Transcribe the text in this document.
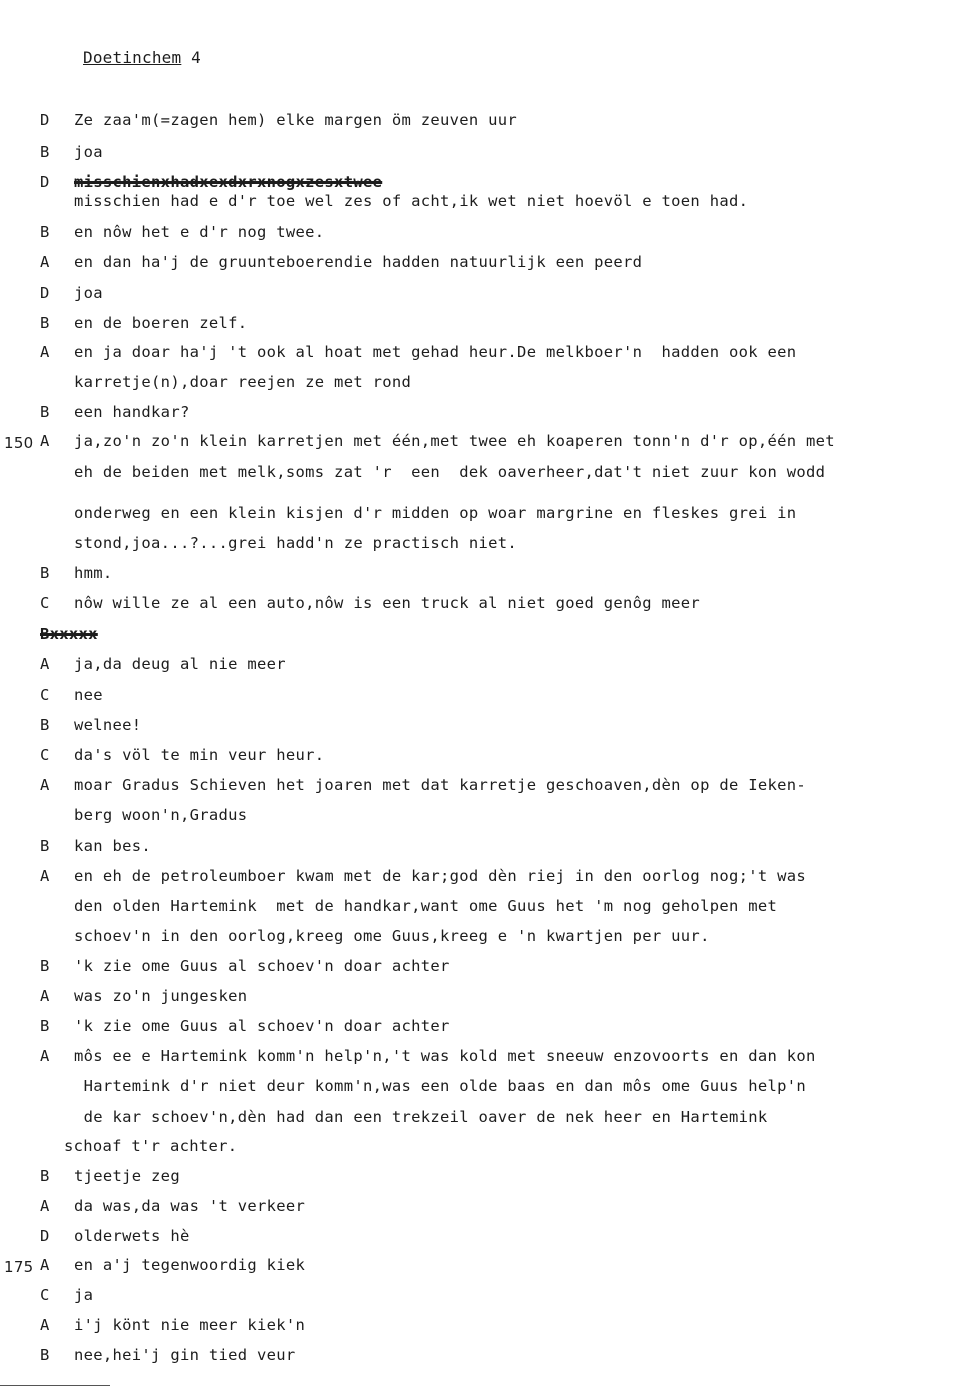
Doetinchem 4
D Ze zaa'm(=zagen hem) elke margen öm zeuven uur
B joa
D misschienxhadxexdxrxnogxzesxtwee
misschien had e d'r toe wel zes of acht,ik wet niet hoevöl e toen had.
B en nôw het e d'r nog twee.
A en dan ha'j de gruunteboerendie hadden natuurlijk een peerd
D joa
B en de boeren zelf.
A en ja doar ha'j 't ook al hoat met gehad heur.De melkboer'n  hadden ook een
karretje(n),doar reejen ze met rond
B een handkar?
150 A ja,zo'n zo'n klein karretjen met één,met twee eh koaperen tonn'n d'r op,één met
eh de beiden met melk,soms zat 'r  een  dek oaverheer,dat't niet zuur kon wodd
onderweg en een klein kisjen d'r midden op woar margrine en fleskes grei in
stond,joa...?...grei hadd'n ze practisch niet.
B hmm.
C nôw wille ze al een auto,nôw is een truck al niet goed genôg meer
Bxxxxx
A ja,da deug al nie meer
C nee
B welnee!
C da's völ te min veur heur.
A moar Gradus Schieven het joaren met dat karretje geschoaven,dèn op de Ieken-
berg woon'n,Gradus
B kan bes.
A en eh de petroleumboer kwam met de kar;god dèn riej in den oorlog nog;'t was
den olden Hartemink  met de handkar,want ome Guus het 'm nog geholpen met
schoev'n in den oorlog,kreeg ome Guus,kreeg e 'n kwartjen per uur.
B 'k zie ome Guus al schoev'n doar achter
A was zo'n jungesken
B 'k zie ome Guus al schoev'n doar achter
A môs ee e Hartemink komm'n help'n,'t was kold met sneeuw enzovoorts en dan kon
Hartemink d'r niet deur komm'n,was een olde baas en dan môs ome Guus help'n
de kar schoev'n,dèn had dan een trekzeil oaver de nek heer en Hartemink
schoaf t'r achter.
B tjeetje zeg
A da was,da was 't verkeer
D olderwets hè
175 A en a'j tegenwoordig kiek
C ja
A i'j könt nie meer kiek'n
B nee,hei'j gin tied veur
